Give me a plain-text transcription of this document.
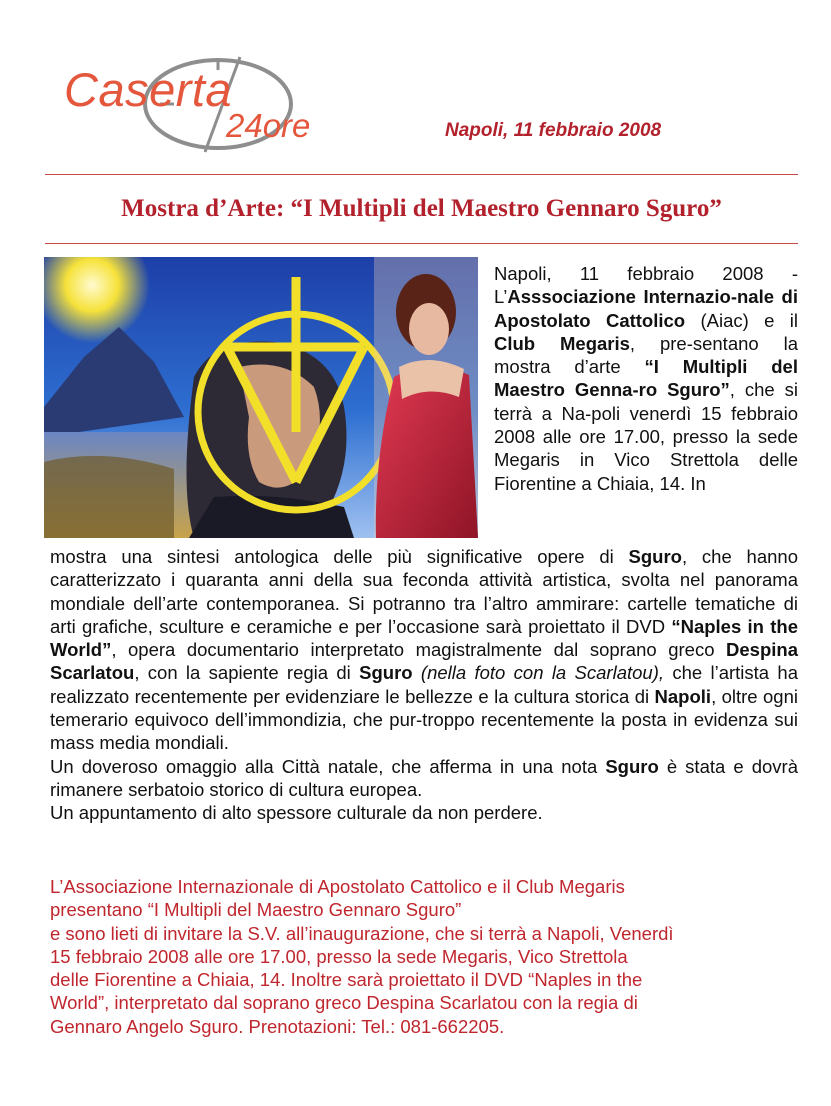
Caserta
24ore	Napoli, 11 febbraio 2008
Mostra d’Arte: “I Multipli del Maestro Gennaro Sguro”
Napoli, 11 febbraio 2008 - L’Asssociazione Internazio-nale di Apostolato Cattolico (Aiac) e il Club Megaris, pre-sentano la mostra d’arte “I Multipli del Maestro Genna-ro Sguro”, che si terrà a Na-poli venerdì 15 febbraio 2008 alle ore 17.00, presso la sede Megaris in Vico Strettola delle Fiorentine a Chiaia, 14. In

mostra una sintesi antologica delle più significative opere di Sguro, che hanno caratterizzato i quaranta anni della sua feconda attività artistica, svolta nel panorama mondiale dell’arte contemporanea. Si potranno tra l’altro ammirare: cartelle tematiche di arti grafiche, sculture e ceramiche e per l’occasione sarà proiettato il DVD “Naples in the World”, opera documentario interpretato magistralmente dal soprano greco Despina Scarlatou, con la sapiente regia di Sguro (nella foto con la Scarlatou), che l’artista ha realizzato recentemente per evidenziare le bellezze e la cultura storica di Napoli, oltre ogni temerario equivoco dell’immondizia, che pur-troppo recentemente la posta in evidenza sui mass media mondiali.

Un doveroso omaggio alla Città natale, che afferma in una nota Sguro è stata e dovrà rimanere serbatoio storico di cultura europea.

Un appuntamento di alto spessore culturale da non perdere.

L’Associazione Internazionale di Apostolato Cattolico e il Club Megaris
presentano “I Multipli del Maestro Gennaro Sguro”
e sono lieti di invitare la S.V. all’inaugurazione, che si terrà a Napoli, Venerdì
15 febbraio 2008 alle ore 17.00, presso la sede Megaris, Vico Strettola
delle Fiorentine a Chiaia, 14. Inoltre sarà proiettato il DVD “Naples in the
World”, interpretato dal soprano greco Despina Scarlatou con la regia di
Gennaro Angelo Sguro. Prenotazioni: Tel.: 081-662205.
